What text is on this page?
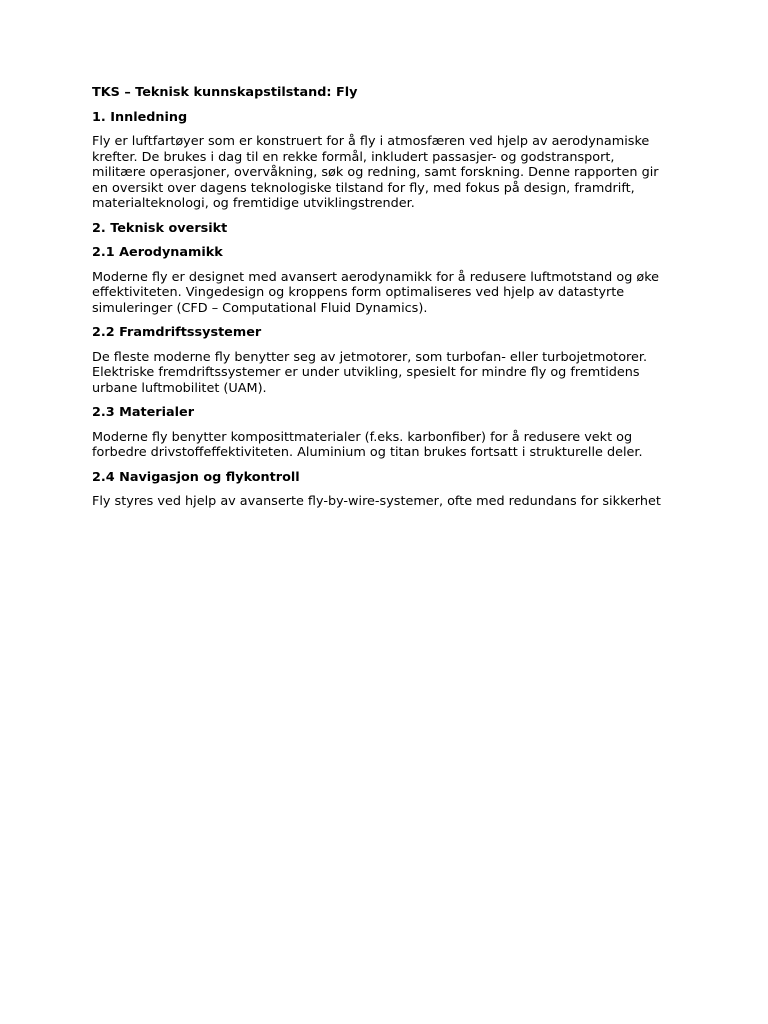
TKS – Teknisk kunnskapstilstand: Fly

1. Innledning

Fly er luftfartøyer som er konstruert for å fly i atmosfæren ved hjelp av aerodynamiske
krefter. De brukes i dag til en rekke formål, inkludert passasjer- og godstransport,
militære operasjoner, overvåkning, søk og redning, samt forskning. Denne rapporten gir
en oversikt over dagens teknologiske tilstand for fly, med fokus på design, framdrift,
materialteknologi, og fremtidige utviklingstrender.

2. Teknisk oversikt

2.1 Aerodynamikk

Moderne fly er designet med avansert aerodynamikk for å redusere luftmotstand og øke
effektiviteten. Vingedesign og kroppens form optimaliseres ved hjelp av datastyrte
simuleringer (CFD – Computational Fluid Dynamics).

2.2 Framdriftssystemer

De fleste moderne fly benytter seg av jetmotorer, som turbofan- eller turbojetmotorer.
Elektriske fremdriftssystemer er under utvikling, spesielt for mindre fly og fremtidens
urbane luftmobilitet (UAM).

2.3 Materialer

Moderne fly benytter komposittmaterialer (f.eks. karbonfiber) for å redusere vekt og
forbedre drivstoffeffektiviteten. Aluminium og titan brukes fortsatt i strukturelle deler.

2.4 Navigasjon og flykontroll

Fly styres ved hjelp av avanserte fly-by-wire-systemer, ofte med redundans for sikkerhet
